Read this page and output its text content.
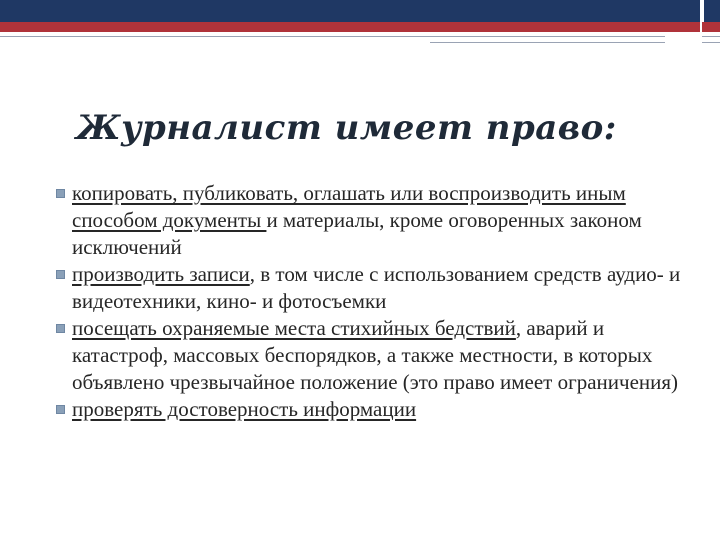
Журналист имеет право:
копировать, публиковать, оглашать или воспроизводить иным способом документы и материалы, кроме оговоренных законом исключений
производить записи, в том числе с использованием средств аудио- и видеотехники, кино- и фотосъемки
посещать охраняемые места стихийных бедствий, аварий и катастроф, массовых беспорядков, а также местности, в которых объявлено чрезвычайное положение (это право имеет ограничения)
проверять достоверность информации
